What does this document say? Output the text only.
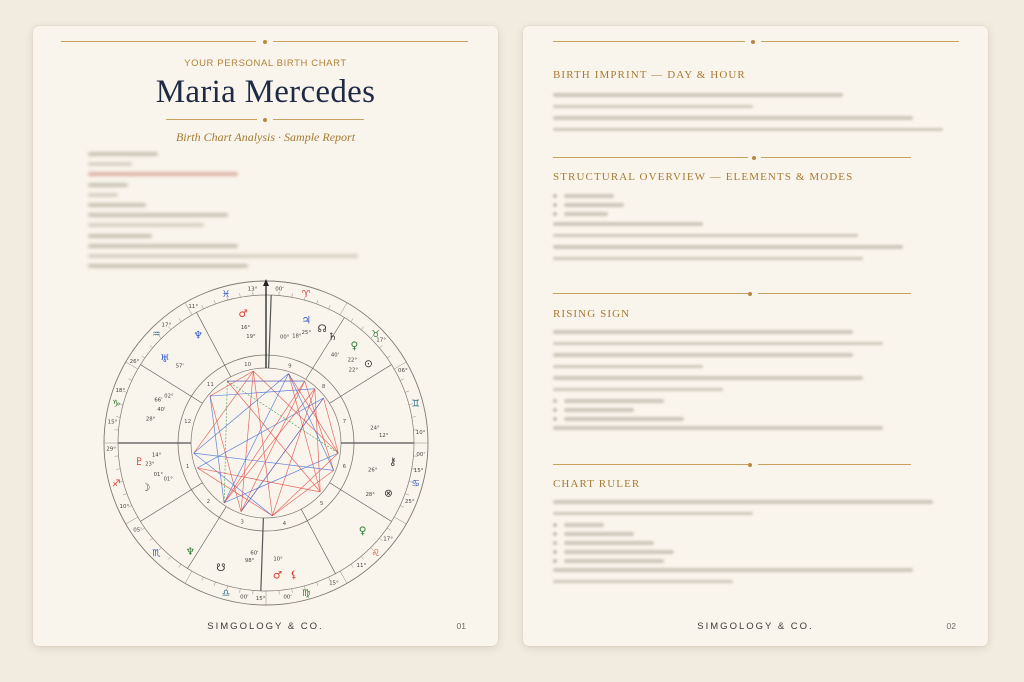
YOUR PERSONAL BIRTH CHART
Maria Mercedes
Birth Chart Analysis · Sample Report
1
2
3	4
5
6
7
8
9
10
11
12
♈
♉
♊
♋
♌
♍
♎
♏
♐
♑
♒
♓	13°	00'
11°
17°
26°
18°
15°
29°
10°
05'
00'
15°
00'
15°
11°
17°
25°
15°
10°
00'
06°
17°
♂
♃
☊
♄
♀
⊙
♇
♆
♅
☽
⚷
⊗
♀
♆
☋
♂ ⚸
16°
19°
25°
18°
00°
22°
40'
22°
28°
40'
23°
14°
01°
60'
98°	10°
24°
12°
28°
26°
01°
57'
02°
66'
SIMGOLOGY & CO.	01
BIRTH IMPRINT — DAY & HOUR
STRUCTURAL OVERVIEW — ELEMENTS & MODES
RISING SIGN
CHART RULER
SIMGOLOGY & CO.	02
